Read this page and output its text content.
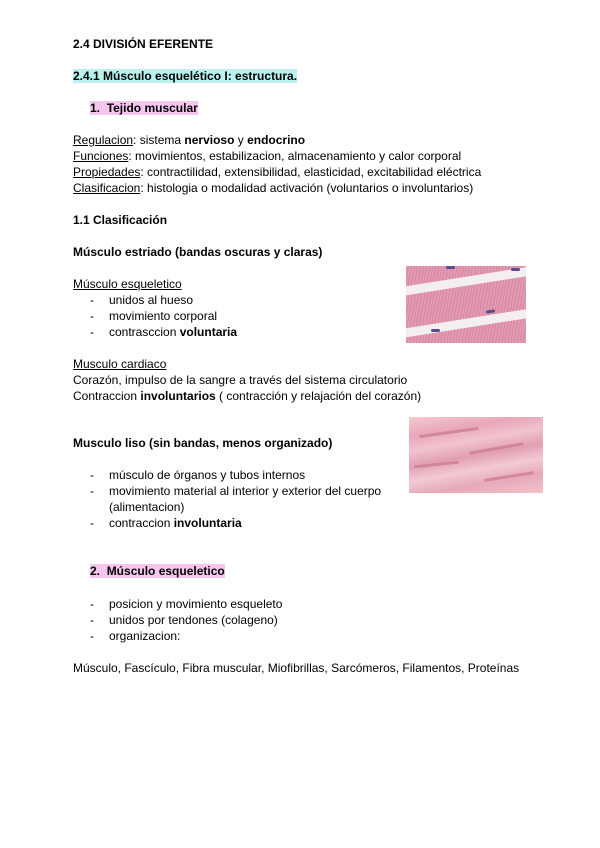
2.4 DIVISIÓN EFERENTE
2.4.1 Músculo esquelético I: estructura.
1. Tejido muscular
Regulacion: sistema nervioso y endocrino
Funciones: movimientos, estabilizacion, almacenamiento y calor corporal
Propiedades: contractilidad, extensibilidad, elasticidad, excitabilidad eléctrica
Clasificacion: histologia o modalidad activación (voluntarios o involuntarios)
1.1 Clasificación
Músculo estriado (bandas oscuras y claras)
Músculo esqueletico
- unidos al hueso
- movimiento corporal
- contrasccion voluntaria
Musculo cardiaco
Corazón, impulso de la sangre a través del sistema circulatorio
Contraccion involuntarios ( contracción y relajación del corazón)
Musculo liso (sin bandas, menos organizado)
- músculo de órganos y tubos internos
- movimiento material al interior y exterior del cuerpo
(alimentacion)
- contraccion involuntaria
2. Músculo esqueletico
- posicion y movimiento esqueleto
- unidos por tendones (colageno)
- organizacion:
Músculo, Fascículo, Fibra muscular, Miofibrillas, Sarcómeros, Filamentos, Proteínas
